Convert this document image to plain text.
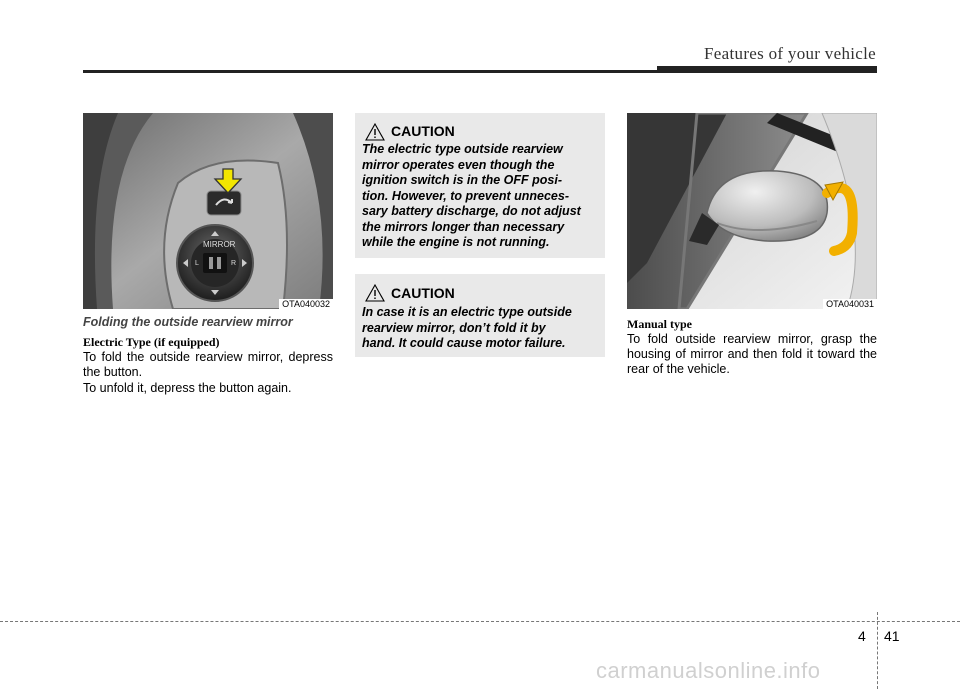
Features of your vehicle
MIRROR
L	R
OTA040032
Folding the outside rearview mirror
Electric Type (if equipped)
To fold the outside rearview mirror, depress the button.
To unfold it, depress the button again.
CAUTION
The electric type outside rearview
mirror operates even though the
ignition switch is in the OFF posi-
tion. However, to prevent unneces-
sary battery discharge, do not adjust
the mirrors longer than necessary
while the engine is not running.
CAUTION
In case it is an electric type outside
rearview mirror, don’t fold it by
hand. It could cause motor failure.
OTA040031
Manual type
To fold outside rearview mirror, grasp the housing of mirror and then fold it toward the rear of the vehicle.
4 41
carmanualsonline.info
